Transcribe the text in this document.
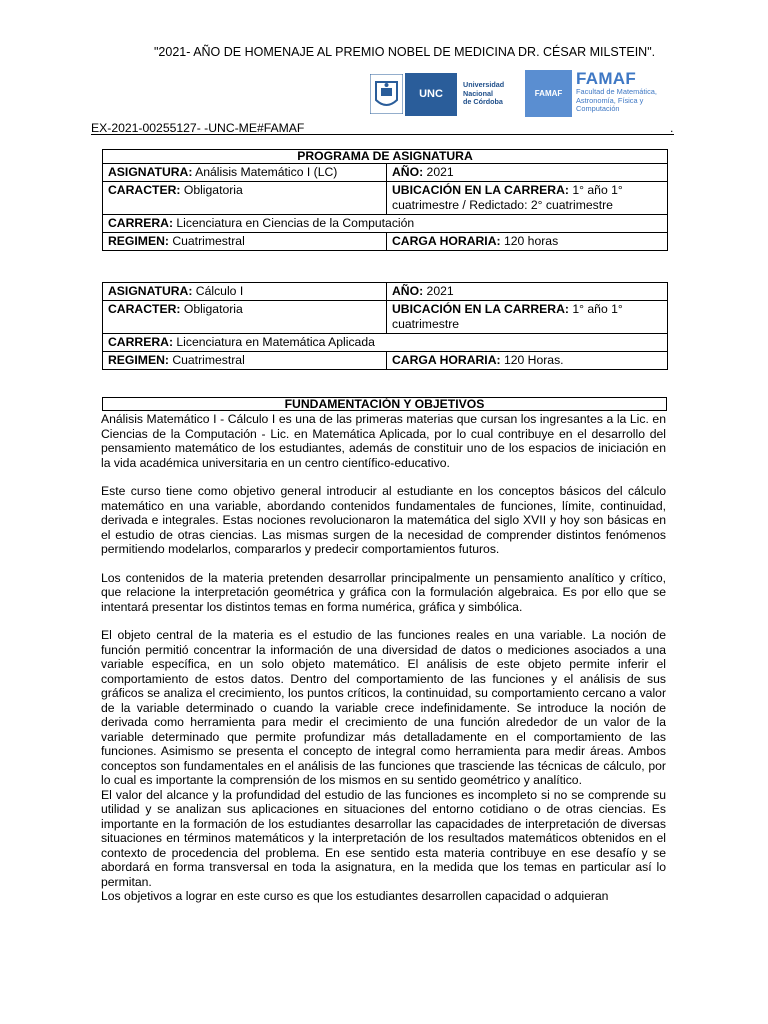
"2021- AÑO DE HOMENAJE AL PREMIO NOBEL DE MEDICINA DR. CÉSAR MILSTEIN".
UNC
Universidad
Nacional
de Córdoba
FAMAF
FAMAF
Facultad de Matemática,
Astronomía, Física y
Computación
EX-2021-00255127- -UNC-ME#FAMAF	.
PROGRAMA DE ASIGNATURA	
ASIGNATURA: Análisis Matemático I (LC)	AÑO: 2021
CARACTER: Obligatoria	UBICACIÓN EN LA CARRERA: 1° año 1° cuatrimestre / Redictado: 2° cuatrimestre
CARRERA: Licenciatura en Ciencias de la Computación	
REGIMEN: Cuatrimestral	CARGA HORARIA: 120 horas
ASIGNATURA: Cálculo I	AÑO: 2021
CARACTER: Obligatoria	UBICACIÓN EN LA CARRERA: 1° año 1° cuatrimestre
CARRERA: Licenciatura en Matemática Aplicada	
REGIMEN: Cuatrimestral	CARGA HORARIA: 120 Horas.
FUNDAMENTACIÓN Y OBJETIVOS

Análisis Matemático I - Cálculo I es una de las primeras materias que cursan los ingresantes a la Lic. en Ciencias de la Computación - Lic. en Matemática Aplicada, por lo cual contribuye en el desarrollo del pensamiento matemático de los estudiantes, además de constituir uno de los espacios de iniciación en la vida académica universitaria en un centro científico-educativo.

Este curso tiene como objetivo general introducir al estudiante en los conceptos básicos del cálculo matemático en una variable, abordando contenidos fundamentales de funciones, límite, continuidad, derivada e integrales. Estas nociones revolucionaron la matemática del siglo XVII y hoy son básicas en el estudio de otras ciencias. Las mismas surgen de la necesidad de comprender distintos fenómenos permitiendo modelarlos, compararlos y predecir comportamientos futuros.

Los contenidos de la materia pretenden desarrollar principalmente un pensamiento analítico y crítico, que relacione la interpretación geométrica y gráfica con la formulación algebraica. Es por ello que se intentará presentar los distintos temas en forma numérica, gráfica y simbólica.

El objeto central de la materia es el estudio de las funciones reales en una variable. La noción de función permitió concentrar la información de una diversidad de datos o mediciones asociados a una variable específica, en un solo objeto matemático. El análisis de este objeto permite inferir el comportamiento de estos datos. Dentro del comportamiento de las funciones y el análisis de sus gráficos se analiza el crecimiento, los puntos críticos, la continuidad, su comportamiento cercano a valor de la variable determinado o cuando la variable crece indefinidamente. Se introduce la noción de derivada como herramienta para medir el crecimiento de una función alrededor de un valor de la variable determinado que permite profundizar más detalladamente en el comportamiento de las funciones. Asimismo se presenta el concepto de integral como herramienta para medir áreas. Ambos conceptos son fundamentales en el análisis de las funciones que trasciende las técnicas de cálculo, por lo cual es importante la comprensión de los mismos en su sentido geométrico y analítico.

El valor del alcance y la profundidad del estudio de las funciones es incompleto si no se comprende su utilidad y se analizan sus aplicaciones en situaciones del entorno cotidiano o de otras ciencias. Es importante en la formación de los estudiantes desarrollar las capacidades de interpretación de diversas situaciones en términos matemáticos y la interpretación de los resultados matemáticos obtenidos en el contexto de procedencia del problema. En ese sentido esta materia contribuye en ese desafío y se abordará en forma transversal en toda la asignatura, en la medida que los temas en particular así lo permitan.

Los objetivos a lograr en este curso es que los estudiantes desarrollen capacidad o adquieran
